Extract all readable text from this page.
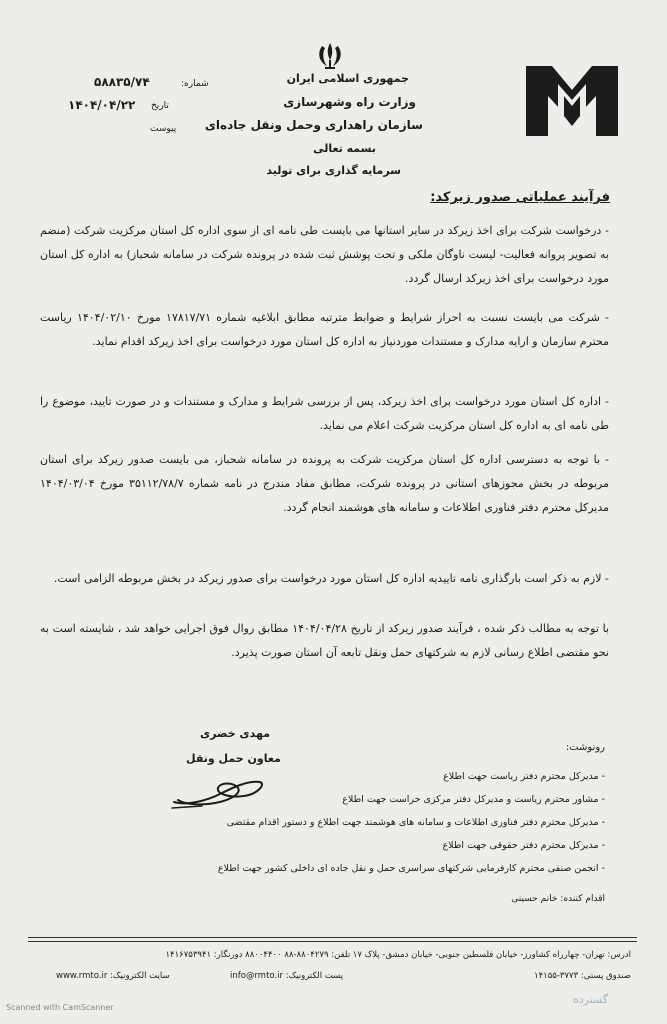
جمهوری اسلامی ایران
وزارت راه وشهرسازی
سازمان راهداری وحمل ونقل جاده‌ای
بسمه تعالی
سرمایه گذاری برای تولید
شماره:
۵۸۸۳۵/۷۴
تاریخ
۱۴۰۴/۰۴/۲۲
پیوست
فرآیند عملیاتی صدور زیرکد:
- درخواست شرکت برای اخذ زیرکد در سایر استانها می بایست طی نامه ای از سوی اداره کل استان مرکزیت شرکت (منضم به تصویر پروانه فعالیت- لیست ناوگان ملکی و تحت پوشش ثبت شده در پرونده شرکت در سامانه شحباز) به اداره کل استان مورد درخواست برای اخذ زیرکد ارسال گردد.
- شرکت می بایست نسبت به احراز شرایط و ضوابط مترتبه مطابق ابلاغیه شماره ۱۷۸۱۷/۷۱ مورخ ۱۴۰۴/۰۲/۱۰ ریاست محترم سازمان و ارایه مدارک و مستندات موردنیاز به اداره کل استان مورد درخواست برای اخذ زیرکد اقدام نماید.
- اداره کل استان مورد درخواست برای اخذ زیرکد، پس از بررسی شرایط و مدارک و مستندات و در صورت تایید، موضوع را طی نامه ای به اداره کل استان مرکزیت شرکت اعلام می نماید.
- با توجه به دسترسی اداره کل استان مرکزیت شرکت به پرونده در سامانه شحباز، می بایست صدور زیرکد برای استان مربوطه در بخش مجوزهای استانی در پرونده شرکت، مطابق مفاد مندرج در نامه شماره ۳۵۱۱۲/۷۸/۷ مورخ ۱۴۰۴/۰۳/۰۴ مدیرکل محترم دفتر فناوری اطلاعات و سامانه های هوشمند انجام گردد.
- لازم به ذکر است بارگذاری نامه تاییدیه اداره کل استان مورد درخواست برای صدور زیرکد در بخش مربوطه الزامی است.
با توجه به مطالب ذکر شده ، فرآیند صدور زیرکد از تاریخ ۱۴۰۴/۰۴/۲۸ مطابق روال فوق اجرایی خواهد شد ، شایسته است به نحو مقتضی اطلاع رسانی لازم به شرکتهای حمل ونقل تابعه آن استان صورت پذیرد.
مهدی خضری
معاون حمل ونقل
رونوشت:
- مدیرکل محترم دفتر ریاست جهت اطلاع
- مشاور محترم ریاست و مدیرکل دفتر مرکزی حراست جهت اطلاع
- مدیرکل محترم دفتر فناوری اطلاعات و سامانه های هوشمند جهت اطلاع و دستور اقدام مقتضی
- مدیرکل محترم دفتر حقوقی جهت اطلاع
- انجمن صنفی محترم کارفرمایی شرکتهای سراسری حمل و نقل جاده ای داخلی کشور جهت اطلاع
اقدام کننده: خانم حسینی
ادرس: تهران- چهارراه کشاورز- خیابان فلسطین جنوبی- خیابان دمشق- پلاک ۱۷ تلفن: ۸۸۰۴۲۷۹-۸۸ ۸۸۰۰۴۴۰۰ دورنگار: ۱۴۱۶۷۵۳۹۴۱
صندوق پستی: ۳۷۷۳-۱۴۱۵۵
پست الکترونیک: info@rmto.ir
سایت الکترونیک: www.rmto.ir
Scanned with CamScanner
گسترده
